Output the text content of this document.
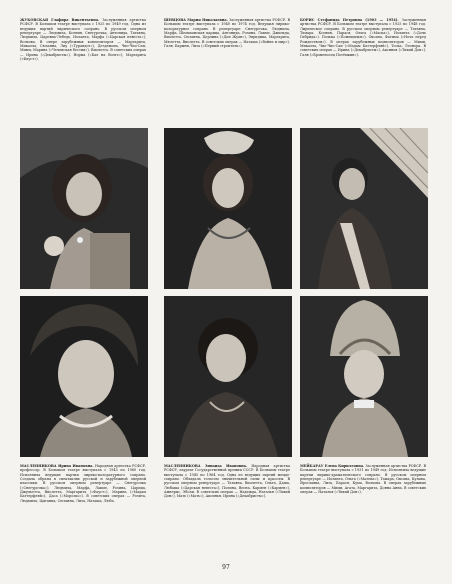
ЖУКОВСКАЯ Глафира Викентьевна. Заслуженная артистка РСФСР. В Большом театре выступала с 1925 по 1949 год. Одна из ведущих партий лирического сопрано. В русском оперном репертуаре — Людмила, Ксения, Снегурочка, Антонида, Татьяна, Людмила, Царевна-Лебедь, Иоланта, Марфа (»Царская невеста»), Волхова. В опере зарубежных композиторов — Маргарита, Микаэла, Сюзанна, Лиу (»Турандот»), Дездемона, Чио-Чио-Сан, Мими, Марина (»Чеченская бестия»), Виолетта. В советских операх — Ирина (»Декабристы»), Норма (»Бал на Волге»), Маргарита (»Фауст»).

ШЕВЦОВА Мария Николаевна. Заслуженная артистка РСФСР. В Большом театре выступала с 1940 по 1974 год. Ведущая лирико-колоратурное сопрано. В репертуаре: Снегурочка, Людмила, Марфа, Шемаханская царица, Антонида, Розина, Лакме, Джильда, Виолетта, Сюзанна, Церлина (»Дон Жуан»), Эвридика, Маргарита, Мюзетта, Виолетта. В советских операх — Наташа (»Война и мир»), Галя, Барыня, Лиза (»Первый строитель»).

БОРИС Стефанида Петровна (1903 — 1954). Заслуженная артистка РСФСР. В Большом театре выступала с 1925 по 1948 год. Лирическое сопрано. В русском оперном репертуаре — Татьяна, Тамара, Ксения, Парася, Ольга (»Маска»), Иоланта (»Дочь Гибрида»). Полька (»Помещичья»), Оксана, Фатима (»Ночь перед Рождеством»). В операх зарубежных композиторов — Мими, Микаэла, Чио-Чио-Сан (»Мадам Баттерфляй»), Тоска, Леонора. В советских операх — Ирина (»Декабристы»), Аксинья (»Тихий Дон»), Галя (»Броненосец Потёмкин»).

МАСЛЕННИКОВА Ирина Ивановна. Народная артистка РСФСР, профессор. В Большом театре выступала с 1943 по 1960 год. Исполнила ведущие партии лирико-колоратурного сопрано. Создала образы в спектаклях русской и зарубежной оперной классики. В русском оперном репертуаре — Снегурочка (»Снегурочка»), Людмила, Марфа, Лакме, Розина, Царица, Джульетта, Виолетта, Маргарита (»Фауст»), Марина (»Мадам Баттерфляй»), Даса (»Морозко»). В советских операх — Розита, Людмила, Цыганка, Сюзанна, Лиза, Наташа, Люба.

МАСЛЕННИКОВА Зинаида Ивановна. Народная артистка РСФСР, лауреат Государственной премии СССР. В Большом театре выступала с 1945 по 1964 год. Одна из ведущих партий меццо-сопрано. Обладала голосом значительной силы и красоты. В русском оперном репертуаре — Татьяна, Виолетта, Ольга, Даша, Любаша (»Царская невеста»), Полина, Весна, Кармен (»Кармен»), Амнерис, Эболи. В советских операх — Надежда, Наталья (»Тихий Дон»), Мать (»Мать»), Аксинья, Ирина (»Декабристы»).

МЕЙБАРАУ Елена Кирилловна. Заслуженная артистка РСФСР. В Большом театре выступала с 1931 по 1949 год. Исполнила ведущие партии лирико-драматического сопрано. В русском оперном репертуаре — Иоланта, Ольга (»Мазепа»), Тамара, Оксана, Купава, Ярославна, Лиза, Парася, Кума, Волхова. В операх зарубежных композиторов — Мими, Агата, Маргарита, Донна Анна. В советских операх — Наталья (»Тихий Дон»).

97
